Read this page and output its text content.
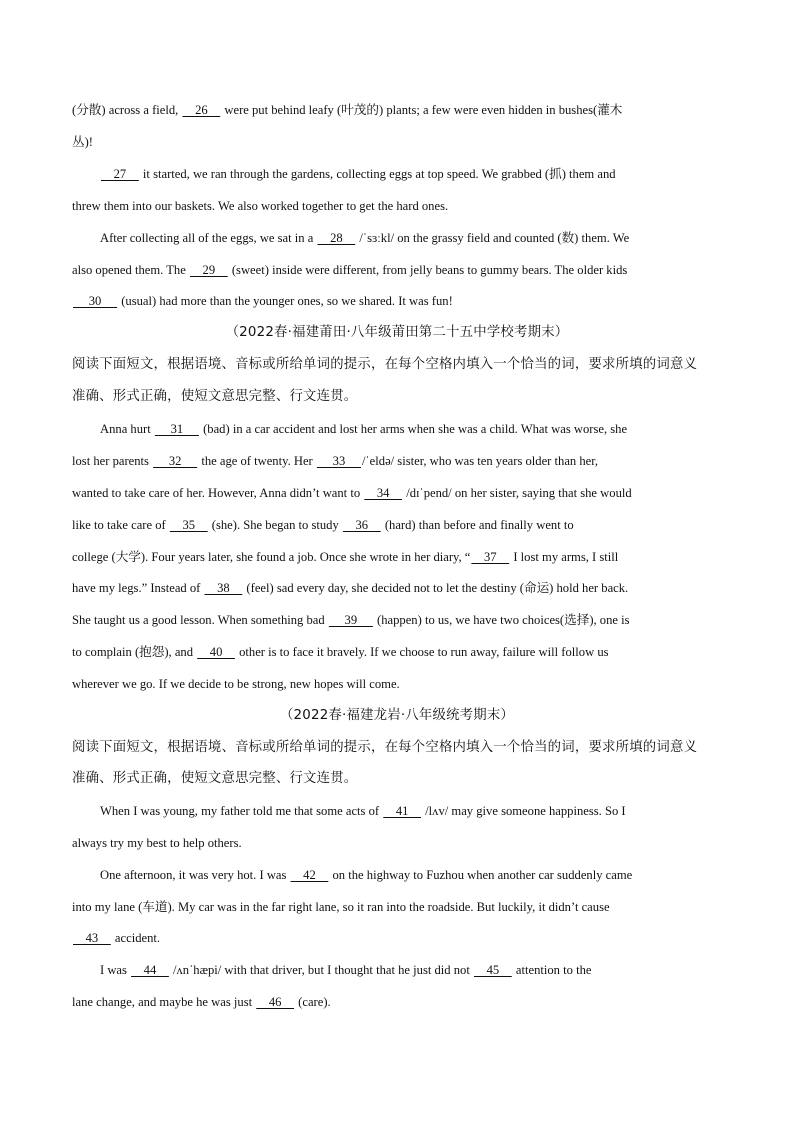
(分散) across a field,     26     were put behind leafy (叶茂的) plants; a few were even hidden in bushes(灌木
丛)!
27     it started, we ran through the gardens, collecting eggs at top speed. We grabbed (抓) them and
threw them into our baskets. We also worked together to get the hard ones.
After collecting all of the eggs, we sat in a     28     /ˈsɜːkl/ on the grassy field and counted (数) them. We
also opened them. The     29     (sweet) inside were different, from jelly beans to gummy bears. The older kids
30      (usual) had more than the younger ones, so we shared. It was fun!
（2022春·福建莆田·八年级莆田第二十五中学校考期末）
阅读下面短文，根据语境、音标或所给单词的提示，在每个空格内填入一个恰当的词，要求所填的词意义
准确、形式正确，使短文意思完整、行文连贯。
Anna hurt      31      (bad) in a car accident and lost her arms when she was a child. What was worse, she
lost her parents      32      the age of twenty. Her      33     /ˈeldə/ sister, who was ten years older than her,
wanted to take care of her. However, Anna didn’t want to     34     /dɪˈpend/ on her sister, saying that she would
like to take care of     35     (she). She began to study     36     (hard) than before and finally went to
college (大学). Four years later, she found a job. Once she wrote in her diary, “    37     I lost my arms, I still
have my legs.” Instead of     38     (feel) sad every day, she decided not to let the destiny (命运) hold her back.
She taught us a good lesson. When something bad      39      (happen) to us, we have two choices(选择), one is
to complain (抱怨), and     40     other is to face it bravely. If we choose to run away, failure will follow us
wherever we go. If we decide to be strong, new hopes will come.
（2022春·福建龙岩·八年级统考期末）
阅读下面短文，根据语境、音标或所给单词的提示，在每个空格内填入一个恰当的词，要求所填的词意义
准确、形式正确，使短文意思完整、行文连贯。
When I was young, my father told me that some acts of     41     /lʌv/ may give someone happiness. So I
always try my best to help others.
One afternoon, it was very hot. I was     42     on the highway to Fuzhou when another car suddenly came
into my lane (车道). My car was in the far right lane, so it ran into the roadside. But luckily, it didn’t cause
43     accident.
I was     44     /ʌnˈhæpi/ with that driver, but I thought that he just did not     45     attention to the
lane change, and maybe he was just     46     (care).
